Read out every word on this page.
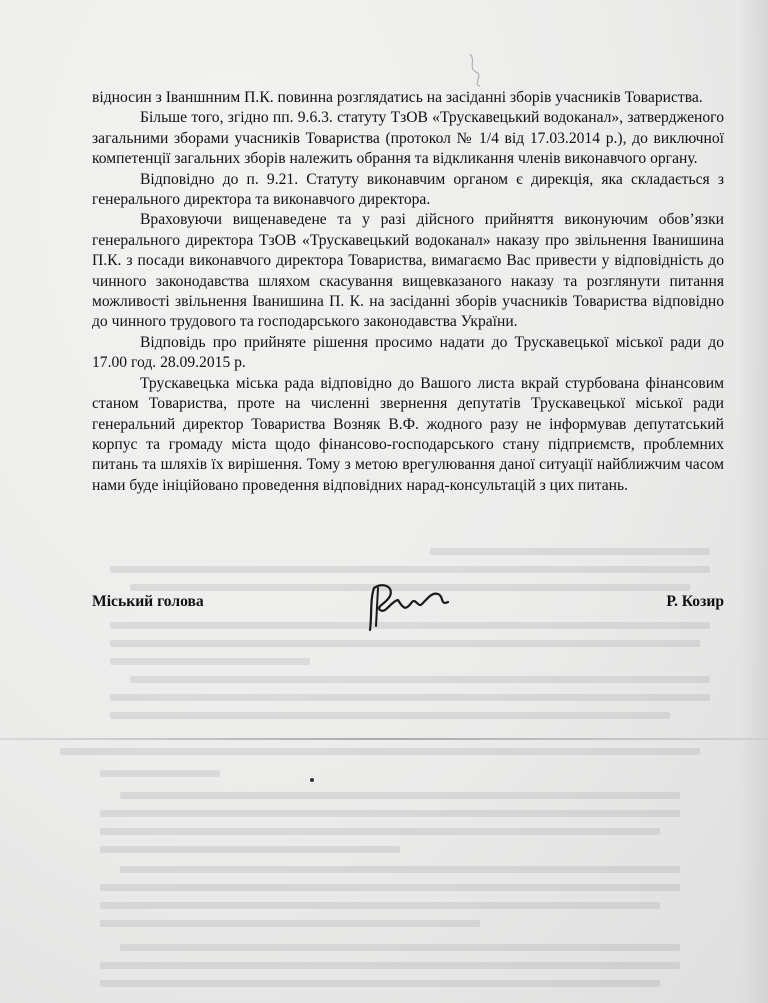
відносин з Іваншнним П.К. повинна розглядатись на засіданні зборів учасників Товариства.

Більше того, згідно пп. 9.6.3. статуту ТзОВ «Трускавецький водоканал», затвердженого загальними зборами учасників Товариства (протокол № 1/4 від 17.03.2014 р.), до виключної компетенції загальних зборів належить обрання та відкликання членів виконавчого органу.

Відповідно до п. 9.21. Статуту виконавчим органом є дирекція, яка складається з генерального директора та виконавчого директора.

Враховуючи вищенаведене та у разі дійсного прийняття виконуючим обов’язки генерального директора ТзОВ «Трускавецький водоканал» наказу про звільнення Іванишина П.К. з посади виконавчого директора Товариства, вимагаємо Вас привести у відповідність до чинного законодавства шляхом скасування вищевказаного наказу та розглянути питання можливості звільнення Іванишина П. К. на засіданні зборів учасників Товариства відповідно до чинного трудового та господарського законодавства України.

Відповідь про прийняте рішення просимо надати до Трускавецької міської ради до 17.00 год. 28.09.2015 р.

Трускавецька міська рада відповідно до Вашого листа вкрай стурбована фінансовим станом Товариства, проте на численні звернення депутатів Трускавецької міської ради генеральний директор Товариства Возняк В.Ф. жодного разу не інформував депутатський корпус та громаду міста щодо фінансово-господарського стану підприємств, проблемних питань та шляхів їх вирішення. Тому з метою врегулювання даної ситуації найближчим часом нами буде ініційовано проведення відповідних нарад-консультацій з цих питань.

Міський голова	Р. Козир
